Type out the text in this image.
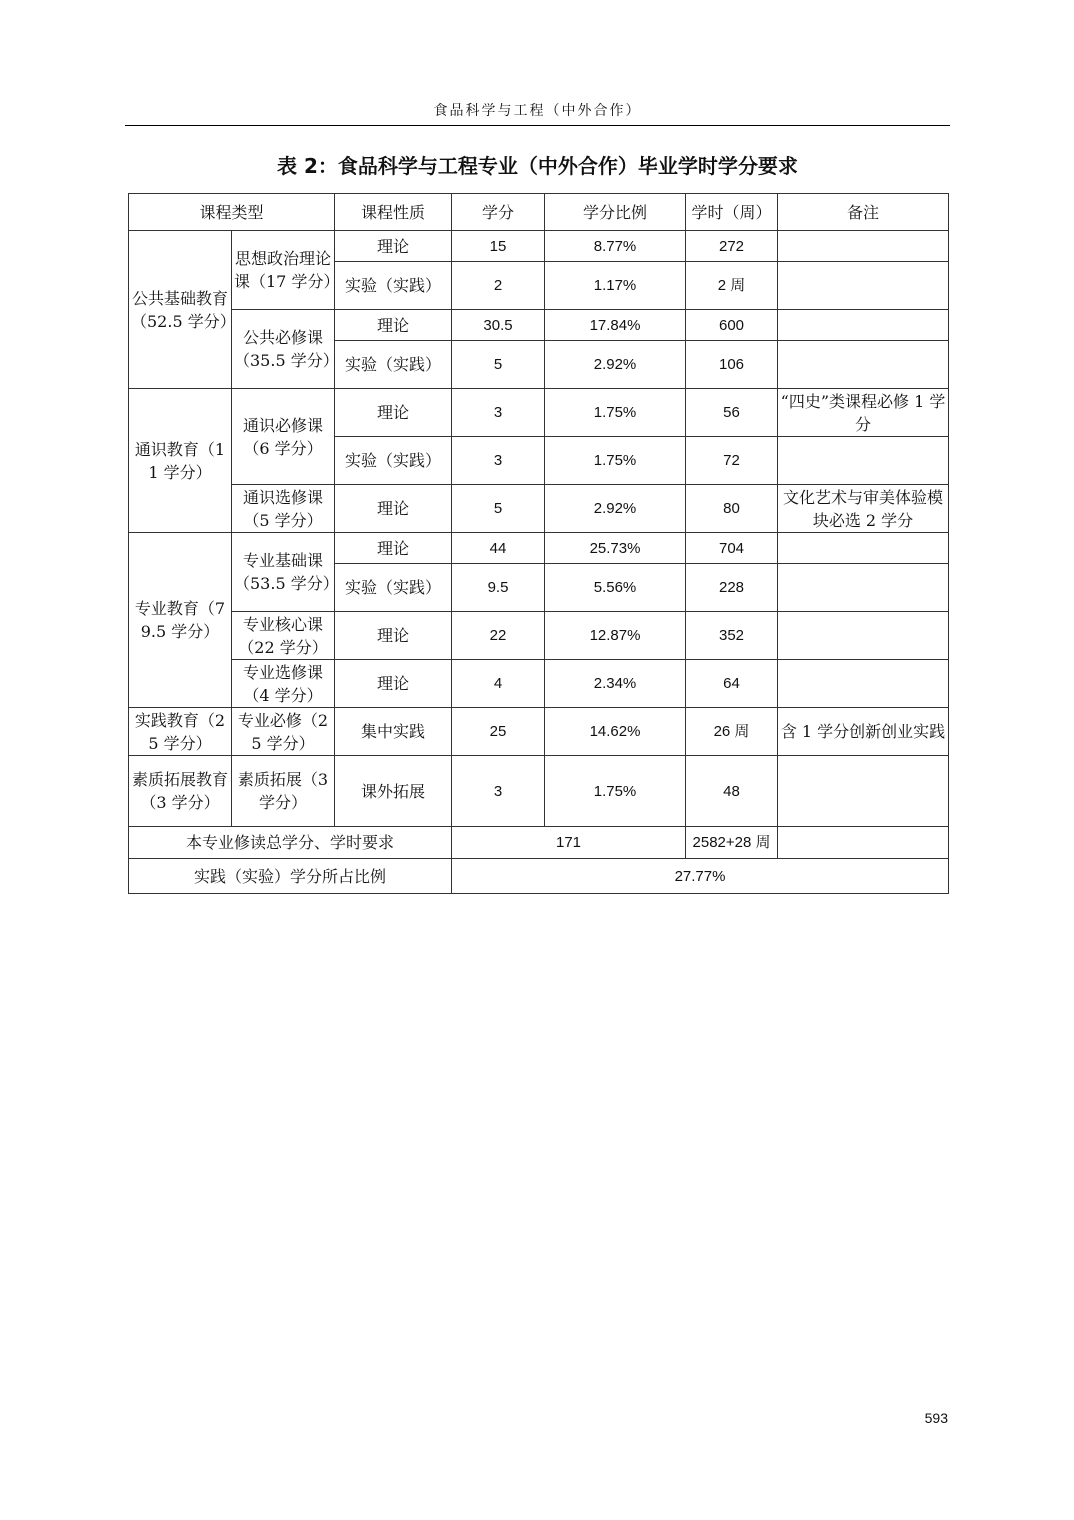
食品科学与工程（中外合作）
表 2：食品科学与工程专业（中外合作）毕业学时学分要求
课程类型		课程性质	学分	学分比例	学时（周）	备注
公共基础教育（52.5 学分）	思想政治理论课（17 学分）	理论	15	8.77%	272	
		实验（实践）	2	1.17%	2 周	
	公共必修课（35.5 学分）	理论	30.5	17.84%	600	
		实验（实践）	5	2.92%	106	
通识教育（11 学分）	通识必修课（6 学分）	理论	3	1.75%	56	“四史”类课程必修 1 学分
		实验（实践）	3	1.75%	72	
	通识选修课（5 学分）	理论	5	2.92%	80	文化艺术与审美体验模块必选 2 学分
专业教育（79.5 学分）	专业基础课（53.5 学分）	理论	44	25.73%	704	
		实验（实践）	9.5	5.56%	228	
	专业核心课（22 学分）	理论	22	12.87%	352	
	专业选修课（4 学分）	理论	4	2.34%	64	
实践教育（25 学分）	专业必修（25 学分）	集中实践	25	14.62%	26 周	含 1 学分创新创业实践
素质拓展教育（3 学分）	素质拓展（3 学分）	课外拓展	3	1.75%	48	
本专业修读总学分、学时要求			171		2582+28 周	
实践（实验）学分所占比例			27.77%			
593
